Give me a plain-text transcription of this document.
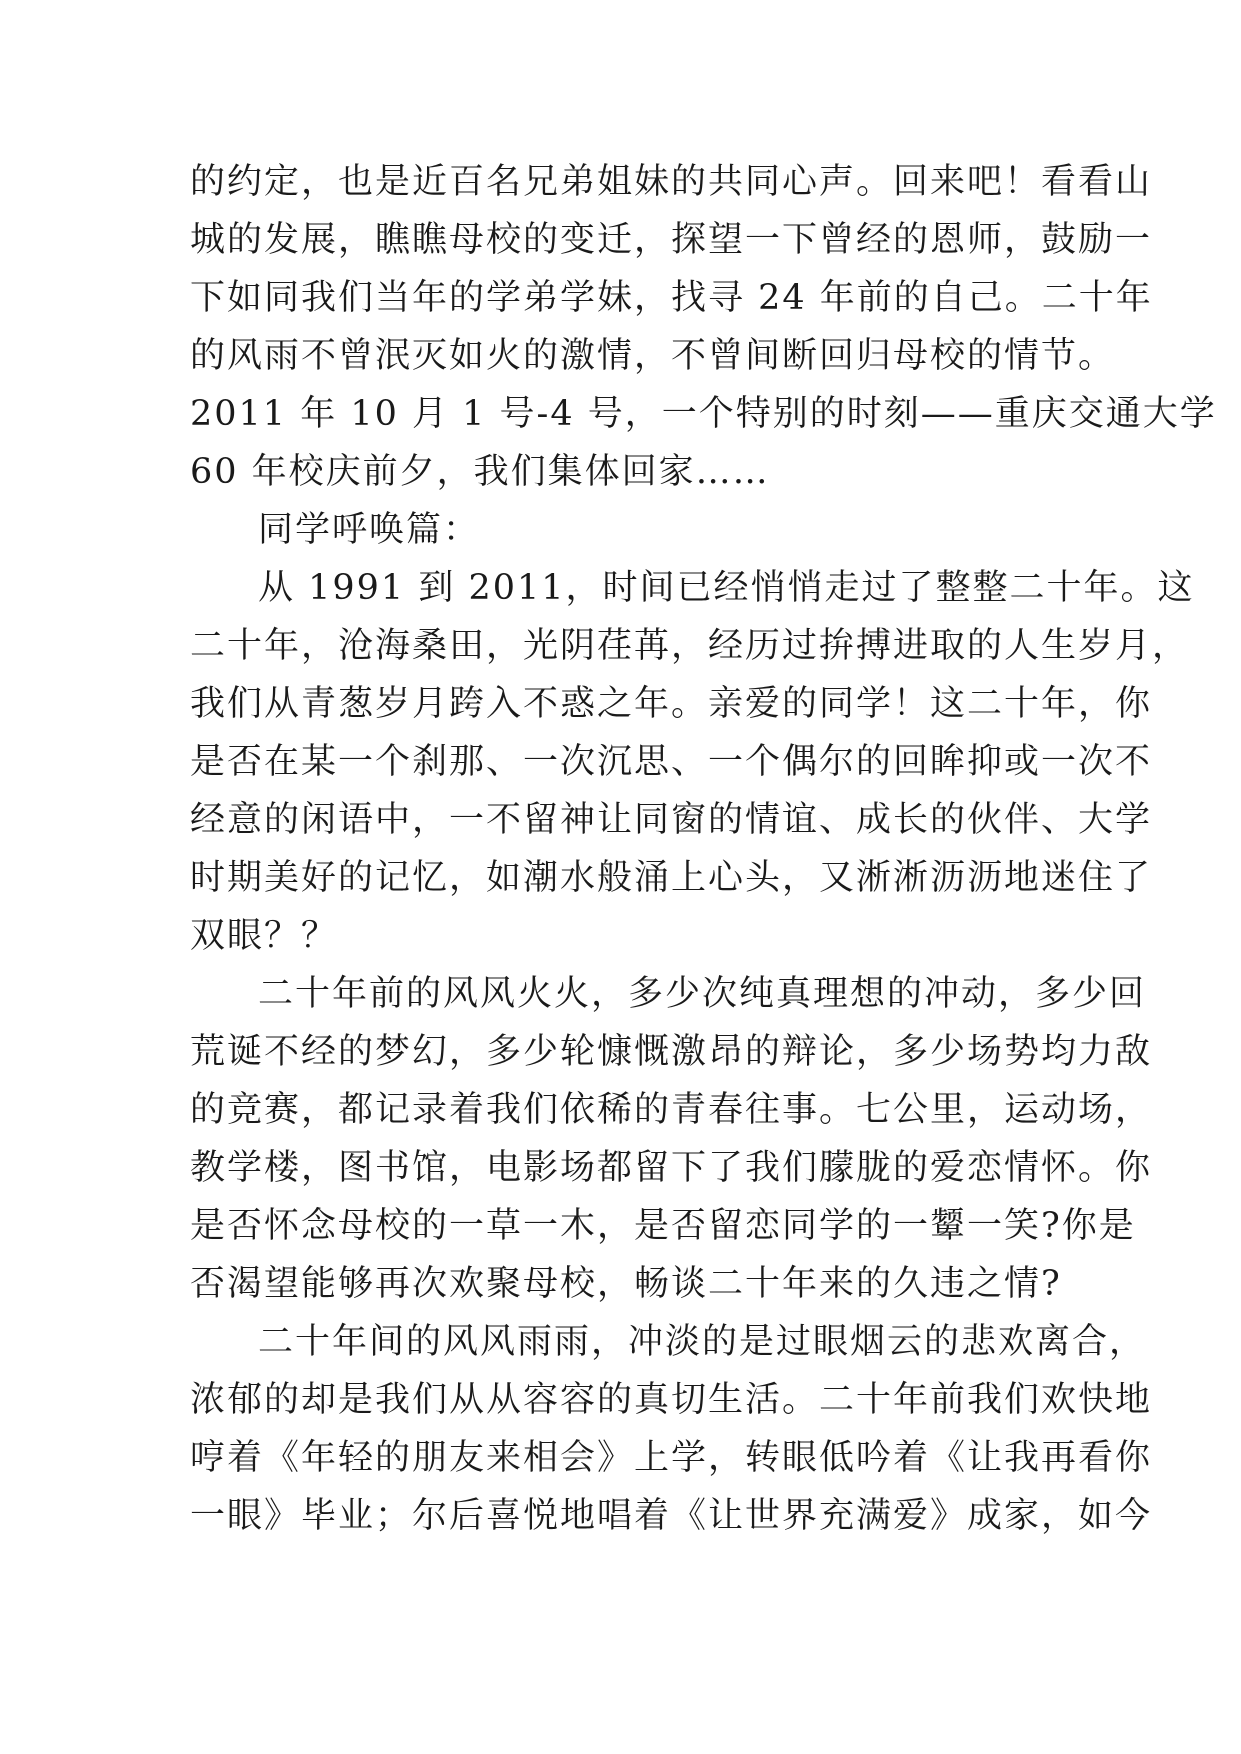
的约定，也是近百名兄弟姐妹的共同心声。回来吧！看看山
城的发展，瞧瞧母校的变迁，探望一下曾经的恩师，鼓励一
下如同我们当年的学弟学妹，找寻 24 年前的自己。二十年
的风雨不曾泯灭如火的激情，不曾间断回归母校的情节。
2011 年 10 月 1 号-4 号，一个特别的时刻——重庆交通大学
60 年校庆前夕，我们集体回家……
同学呼唤篇：
从 1991 到 2011，时间已经悄悄走过了整整二十年。这
二十年，沧海桑田，光阴荏苒，经历过拚搏进取的人生岁月，
我们从青葱岁月跨入不惑之年。亲爱的同学！这二十年，你
是否在某一个刹那、一次沉思、一个偶尔的回眸抑或一次不
经意的闲语中，一不留神让同窗的情谊、成长的伙伴、大学
时期美好的记忆，如潮水般涌上心头，又淅淅沥沥地迷住了
双眼？？
二十年前的风风火火，多少次纯真理想的冲动，多少回
荒诞不经的梦幻，多少轮慷慨激昂的辩论，多少场势均力敌
的竞赛，都记录着我们依稀的青春往事。七公里，运动场，
教学楼，图书馆，电影场都留下了我们朦胧的爱恋情怀。你
是否怀念母校的一草一木，是否留恋同学的一颦一笑?你是
否渴望能够再次欢聚母校，畅谈二十年来的久违之情?
二十年间的风风雨雨，冲淡的是过眼烟云的悲欢离合，
浓郁的却是我们从从容容的真切生活。二十年前我们欢快地
哼着《年轻的朋友来相会》上学，转眼低吟着《让我再看你
一眼》毕业；尔后喜悦地唱着《让世界充满爱》成家，如今
